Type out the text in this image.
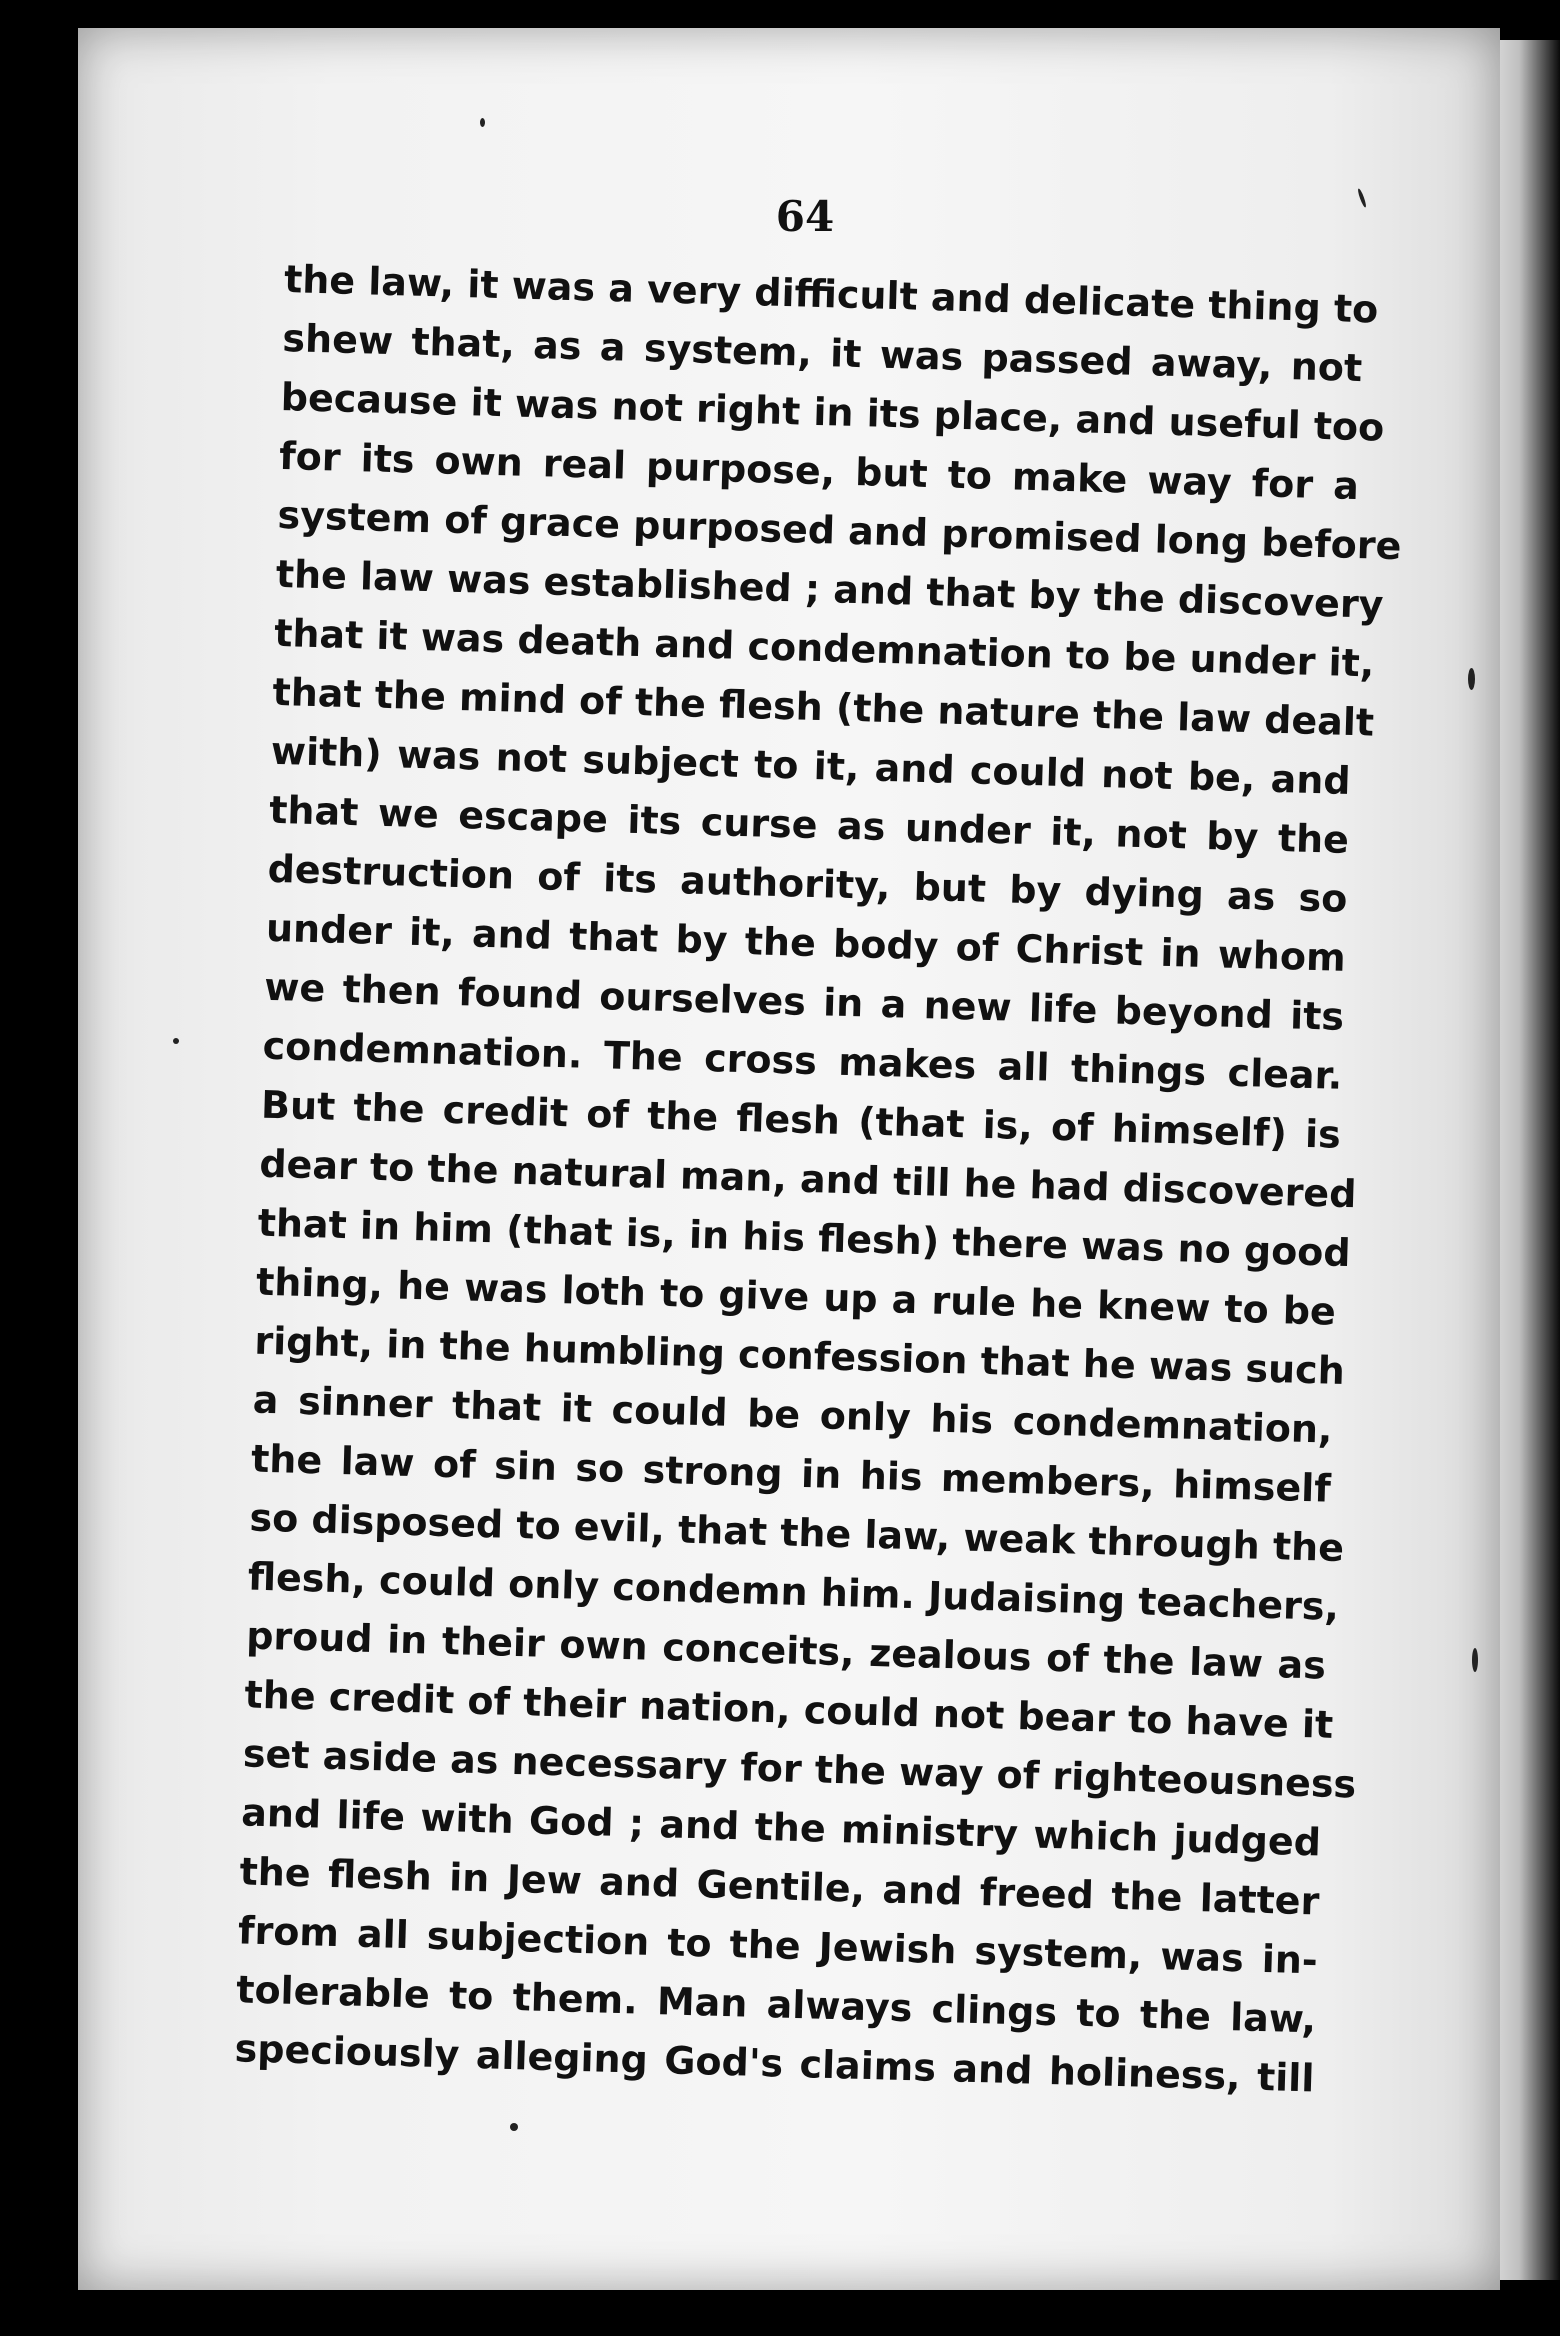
64
the law, it was a very difficult and delicate thing to
shew that, as a system, it was passed away, not
because it was not right in its place, and useful too
for its own real purpose, but to make way for a
system of grace purposed and promised long before
the law was established ; and that by the discovery
that it was death and condemnation to be under it,
that the mind of the flesh (the nature the law dealt
with) was not subject to it, and could not be, and
that we escape its curse as under it, not by the
destruction of its authority, but by dying as so
under it, and that by the body of Christ in whom
we then found ourselves in a new life beyond its
condemnation. The cross makes all things clear.
But the credit of the flesh (that is, of himself) is
dear to the natural man, and till he had discovered
that in him (that is, in his flesh) there was no good
thing, he was loth to give up a rule he knew to be
right, in the humbling confession that he was such
a sinner that it could be only his condemnation,
the law of sin so strong in his members, himself
so disposed to evil, that the law, weak through the
flesh, could only condemn him. Judaising teachers,
proud in their own conceits, zealous of the law as
the credit of their nation, could not bear to have it
set aside as necessary for the way of righteousness
and life with God ; and the ministry which judged
the flesh in Jew and Gentile, and freed the latter
from all subjection to the Jewish system, was in-
tolerable to them. Man always clings to the law,
speciously alleging God's claims and holiness, till
